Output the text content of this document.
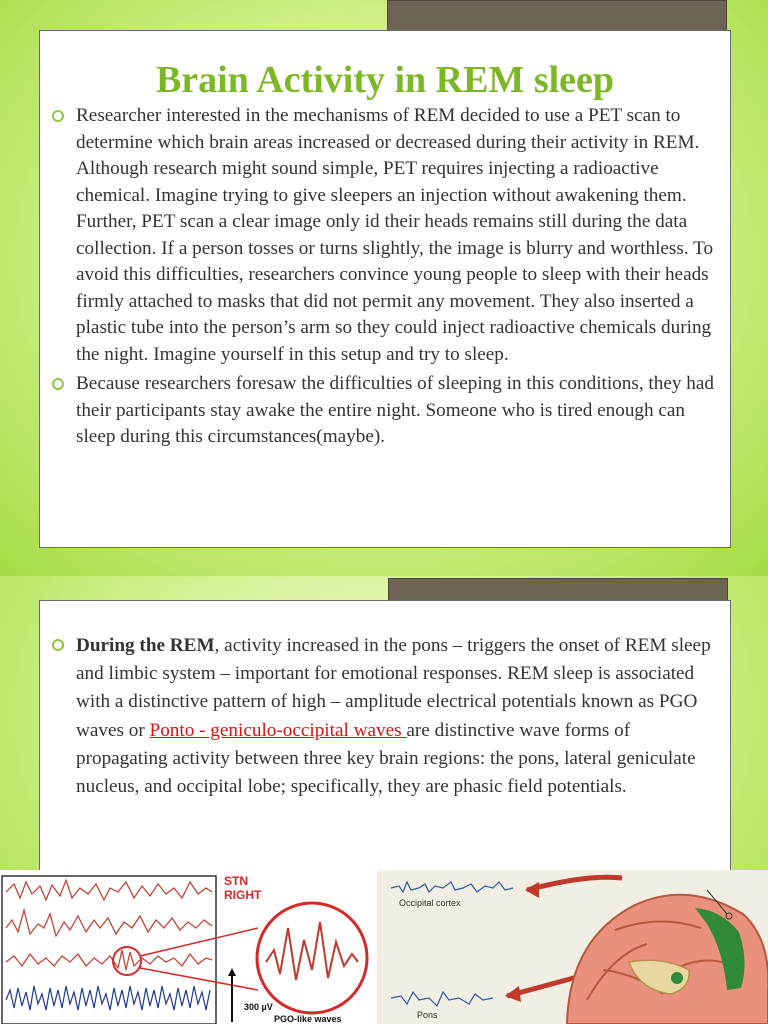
Brain Activity in REM sleep
Researcher interested in the mechanisms of REM decided to use a PET scan to determine which brain areas increased or decreased during their activity in REM. Although research might sound simple, PET requires injecting a radioactive chemical. Imagine trying to give sleepers an injection without awakening them. Further, PET scan a clear image only id their heads remains still during the data collection. If a person tosses or turns slightly, the image is blurry and worthless. To avoid this difficulties, researchers convince young people to sleep with their heads firmly attached to masks that did not permit any movement. They also inserted a plastic tube into the person’s arm so they could inject radioactive chemicals during the night. Imagine yourself in this setup and try to sleep.
Because researchers foresaw the difficulties of sleeping in this conditions, they had their participants stay awake the entire night. Someone who is tired enough can sleep during this circumstances(maybe).
During the REM, activity increased in the pons – triggers the onset of REM sleep and limbic system – important for emotional responses. REM sleep is associated with a distinctive pattern of high – amplitude electrical potentials known as PGO waves or Ponto - geniculo-occipital waves are distinctive wave forms of propagating activity between three key brain regions: the pons, lateral geniculate nucleus, and occipital lobe; specifically, they are phasic field potentials.
STN
RIGHT
300 µV
PGO-like waves
Occipital cortex
Pons
